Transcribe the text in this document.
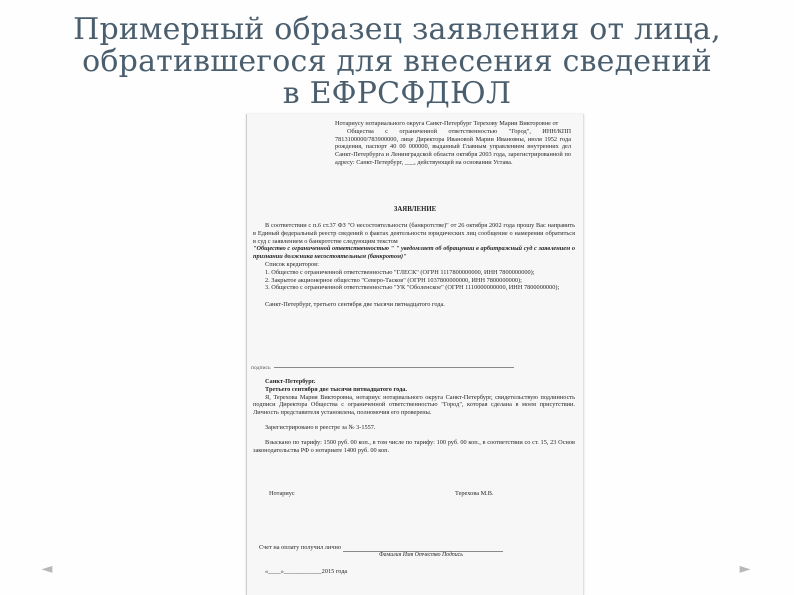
Примерный образец заявления от лица,
обратившегося для внесения сведений
в ЕФРСФДЮЛ
Нотариусу нотариального округа Санкт-Петербург Терехову Марии Викторовне от
Общества с ограниченной ответственностью "Город", ИНН/КПП 7813100000/783900000, лице Директора Ивановой Марии Ивановны, июля 1952 года рождения, паспорт 40 00 000000, выданный Главным управлением внутренних дел Санкт-Петербурга и Ленинградской области октября 2003 года, зарегистрированной по адресу: Санкт-Петербург, ___, действующей на основании Устава.
ЗАЯВЛЕНИЕ
В соответствии с п.6 ст.37 ФЗ "О несостоятельности (банкротстве)" от 26 октября 2002 года прошу Вас направить в Единый федеральный реестр сведений о фактах деятельности юридических лиц сообщение о намерении обратиться в суд с заявлением о банкротстве следующим текстом
"Общество с ограниченной ответственностью " " уведомляет об обращении в арбитражный суд с заявлением о признании должника несостоятельным (банкротом)"
Список кредиторов:
1. Общество с ограниченной ответственностью "ГЛЕСК" (ОГРН 1117800000000, ИНН 7800000000);
2. Закрытое акционерное общество "Северо-Тасков" (ОГРН 1037800000000, ИНН 7800000000);
3. Общество с ограниченной ответственностью "УК "Оболенское" (ОГРН 1110000000000, ИНН 7800000000);
Санкт-Петербург, третьего сентября две тысячи пятнадцатого года.
подпись
Санкт-Петербург.
Третьего сентября две тысячи пятнадцатого года.
Я, Терехова Мария Викторовна, нотариус нотариального округа Санкт-Петербург, свидетельствую подлинность подписи Директора Общества с ограниченной ответственностью "Город", которая сделана в моем присутствии. Личность представителя установлена, полномочия его проверены.
Зарегистрировано в реестре за № 3-1557.
Взыскано по тарифу: 1500 руб. 00 коп., в том числе по тарифу: 100 руб. 00 коп., в соответствии со ст. 15, 23 Основ законодательства РФ о нотариате 1400 руб. 00 коп.
Нотариус	Терехова М.В.
Счет на оплату получил лично
Фамилия Имя Отчество Подпись
«____»____________2015 года
◄	►
